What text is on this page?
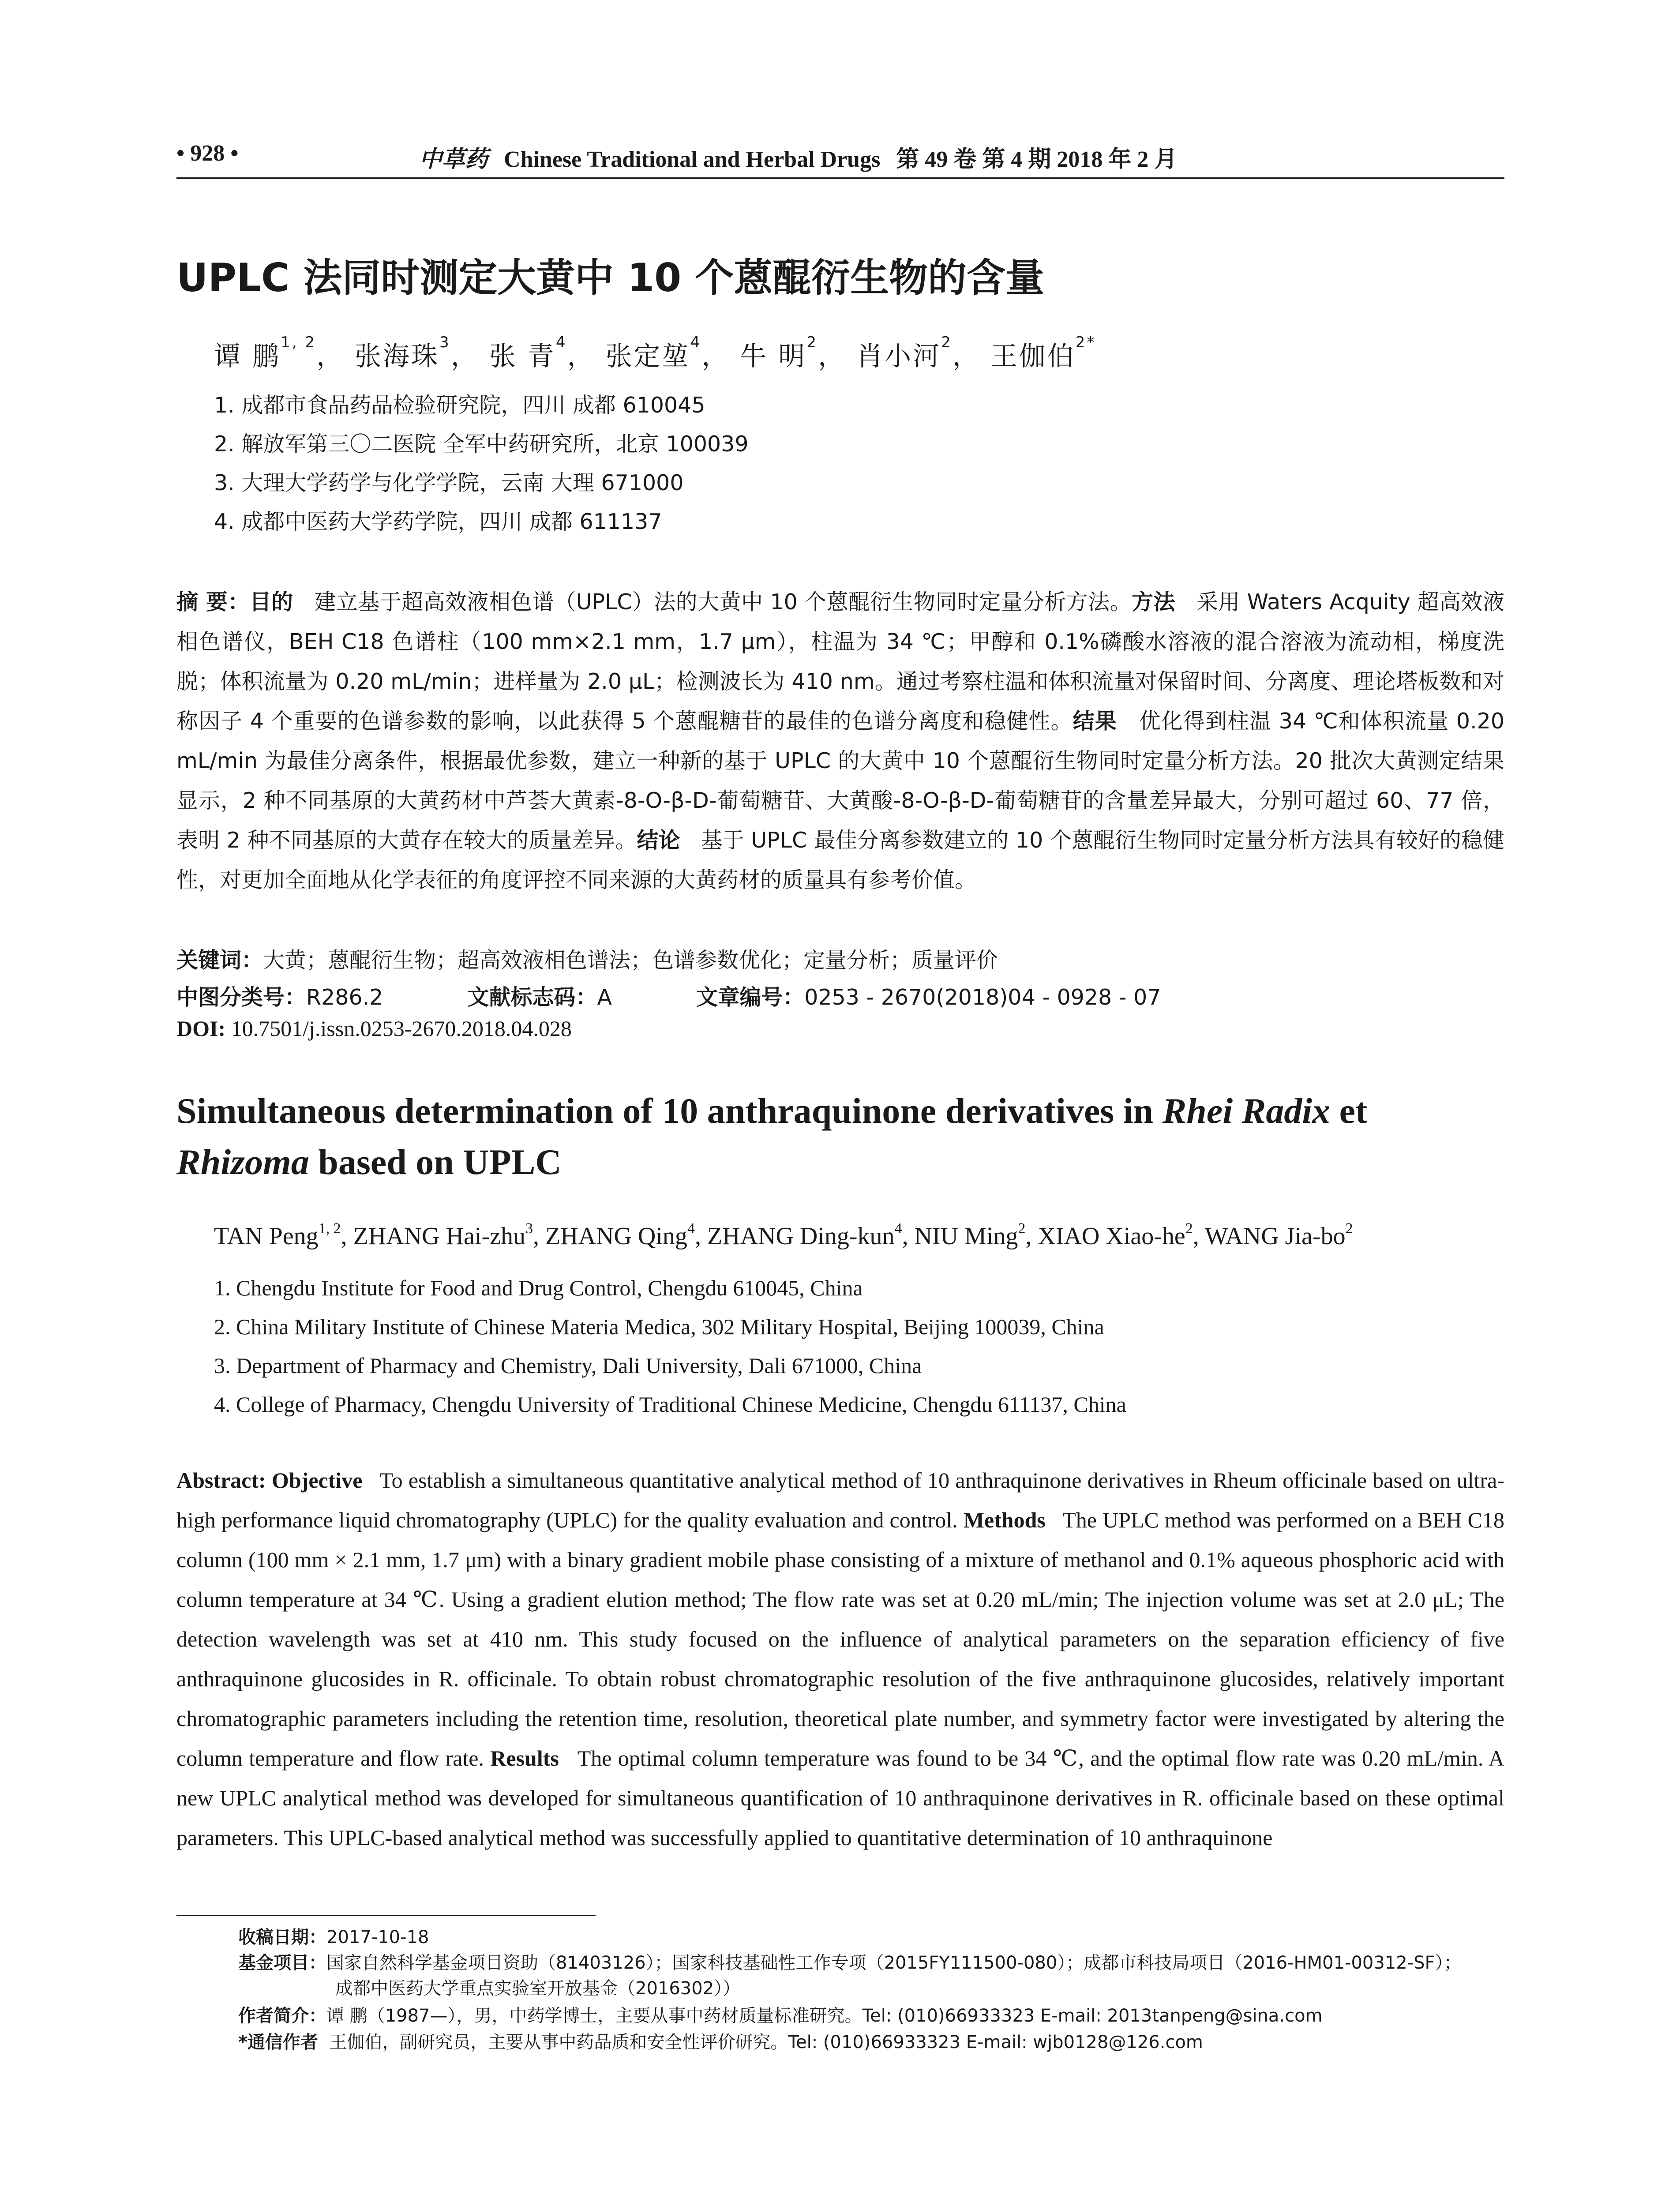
• 928 •	中草药 Chinese Traditional and Herbal Drugs 第 49 卷 第 4 期 2018 年 2 月
UPLC 法同时测定大黄中 10 个蒽醌衍生物的含量
谭 鹏$^{1, 2}$， 张海珠$^3$， 张 青$^4$， 张定堃$^4$， 牛 明$^2$， 肖小河$^2$， 王伽伯$^{2*}$
1. 成都市食品药品检验研究院，四川 成都 610045
2. 解放军第三〇二医院 全军中药研究所，北京 100039
3. 大理大学药学与化学学院，云南 大理 671000
4. 成都中医药大学药学院，四川 成都 611137
摘 要：目的 建立基于超高效液相色谱（UPLC）法的大黄中 10 个蒽醌衍生物同时定量分析方法。方法 采用 Waters Acquity 超高效液相色谱仪，BEH C18 色谱柱（100 mm×2.1 mm，1.7 μm），柱温为 34 ℃；甲醇和 0.1%磷酸水溶液的混合溶液为流动相，梯度洗脱；体积流量为 0.20 mL/min；进样量为 2.0 μL；检测波长为 410 nm。通过考察柱温和体积流量对保留时间、分离度、理论塔板数和对称因子 4 个重要的色谱参数的影响，以此获得 5 个蒽醌糖苷的最佳的色谱分离度和稳健性。结果 优化得到柱温 34 ℃和体积流量 0.20 mL/min 为最佳分离条件，根据最优参数，建立一种新的基于 UPLC 的大黄中 10 个蒽醌衍生物同时定量分析方法。20 批次大黄测定结果显示，2 种不同基原的大黄药材中芦荟大黄素-8-O-β-D-葡萄糖苷、大黄酸-8-O-β-D-葡萄糖苷的含量差异最大，分别可超过 60、77 倍，表明 2 种不同基原的大黄存在较大的质量差异。结论 基于 UPLC 最佳分离参数建立的 10 个蒽醌衍生物同时定量分析方法具有较好的稳健性，对更加全面地从化学表征的角度评控不同来源的大黄药材的质量具有参考价值。
关键词：大黄；蒽醌衍生物；超高效液相色谱法；色谱参数优化；定量分析；质量评价
中图分类号：R286.2	文献标志码：A	文章编号：0253 - 2670(2018)04 - 0928 - 07
DOI: 10.7501/j.issn.0253-2670.2018.04.028
Simultaneous determination of 10 anthraquinone derivatives in Rhei Radix et
Rhizoma based on UPLC
TAN Peng$^{1, 2}$, ZHANG Hai-zhu$^3$, ZHANG Qing$^4$, ZHANG Ding-kun$^4$, NIU Ming$^2$, XIAO Xiao-$he^2$, WANG Jia-$bo^2$
1. Chengdu Institute for Food and Drug Control, Chengdu 610045, China
2. China Military Institute of Chinese Materia Medica, 302 Military Hospital, Beijing 100039, China
3. Department of Pharmacy and Chemistry, Dali University, Dali 671000, China
4. College of Pharmacy, Chengdu University of Traditional Chinese Medicine, Chengdu 611137, China
Abstract: Objective To establish a simultaneous quantitative analytical method of 10 anthraquinone derivatives in Rheum officinale based on ultra-high performance liquid chromatography (UPLC) for the quality evaluation and control. Methods The UPLC method was performed on a BEH C18 column (100 mm × 2.1 mm, 1.7 μm) with a binary gradient mobile phase consisting of a mixture of methanol and 0.1% aqueous phosphoric acid with column temperature at 34 ℃. Using a gradient elution method; The flow rate was set at 0.20 mL/min; The injection volume was set at 2.0 μL; The detection wavelength was set at 410 nm. This study focused on the influence of analytical parameters on the separation efficiency of five anthraquinone glucosides in R. officinale. To obtain robust chromatographic resolution of the five anthraquinone glucosides, relatively important chromatographic parameters including the retention time, resolution, theoretical plate number, and symmetry factor were investigated by altering the column temperature and flow rate. Results The optimal column temperature was found to be 34 ℃, and the optimal flow rate was 0.20 mL/min. A new UPLC analytical method was developed for simultaneous quantification of 10 anthraquinone derivatives in R. officinale based on these optimal parameters. This UPLC-based analytical method was successfully applied to quantitative determination of 10 anthraquinone
收稿日期：2017-10-18
基金项目：国家自然科学基金项目资助（81403126）；国家科技基础性工作专项（2015FY111500-080）；成都市科技局项目（2016-HM01-00312-SF）；
成都中医药大学重点实验室开放基金（2016302））
作者简介：谭 鹏（1987—），男，中药学博士，主要从事中药材质量标准研究。Tel: (010)66933323 E-mail: 2013tanpeng@sina.com
*通信作者 王伽伯，副研究员，主要从事中药品质和安全性评价研究。Tel: (010)66933323 E-mail: wjb0128@126.com
